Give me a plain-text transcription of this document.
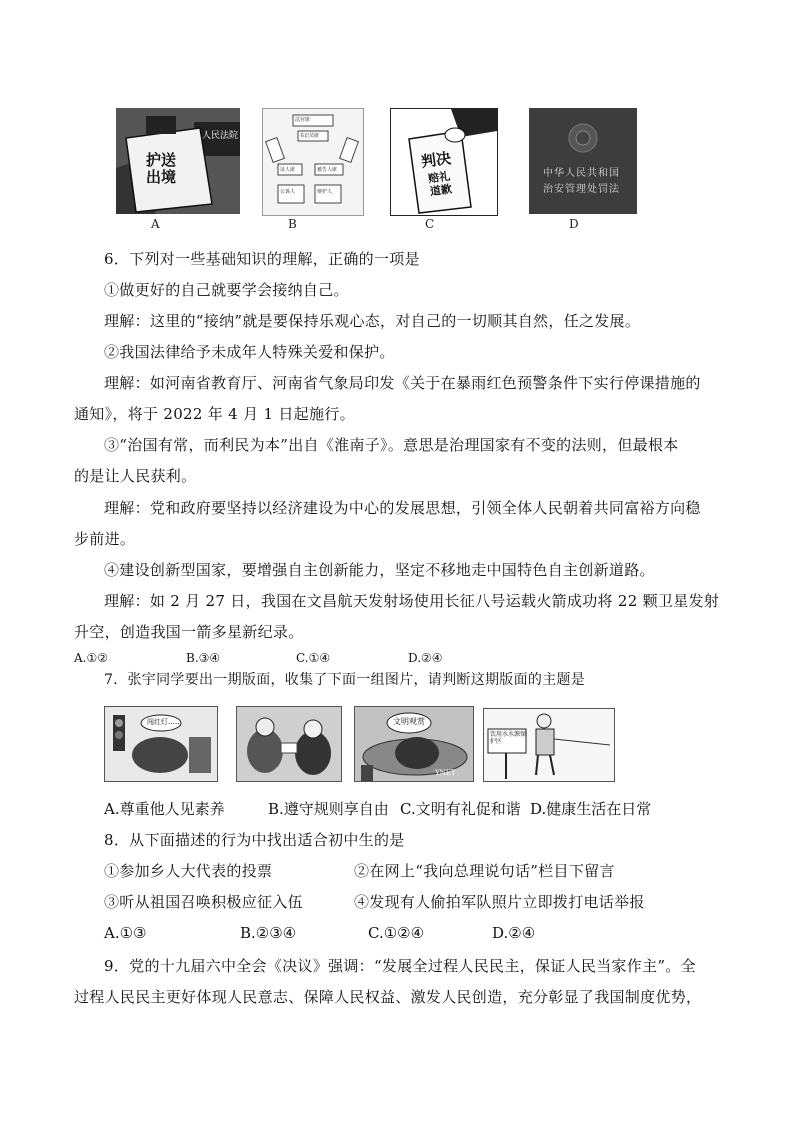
人民法院
护送出境
A
法官席
书记员席
证人席	被告人席
公诉人	辩护人
B
判决
赔礼道歉
C
中华人民共和国
治安管理处罚法
D
6．下列对一些基础知识的理解，正确的一项是
①做更好的自己就要学会接纳自己。
理解：这里的“接纳”就是要保持乐观心态，对自己的一切顺其自然，任之发展。
②我国法律给予未成年人特殊关爱和保护。
理解：如河南省教育厅、河南省气象局印发《关于在暴雨红色预警条件下实行停课措施的
通知》，将于 2022 年 4 月 1 日起施行。
③“治国有常，而利民为本”出自《淮南子》。意思是治理国家有不变的法则，但最根本
的是让人民获利。
理解：党和政府要坚持以经济建设为中心的发展思想，引领全体人民朝着共同富裕方向稳
步前进。
④建设创新型国家，要增强自主创新能力，坚定不移地走中国特色自主创新道路。
理解：如 2 月 27 日，我国在文昌航天发射场使用长征八号运载火箭成功将 22 颗卫星发射
升空，创造我国一箭多星新纪录。
A.①②	B.③④	C.①④	D.②④
7．张宇同学要出一期版面，收集了下面一组图片，请判断这期版面的主题是
闯红灯……	文明观赏
YNET
饮用水水源保护区
A.尊重他人见素养	B.遵守规则享自由 C.文明有礼促和谐 D.健康生活在日常
8．从下面描述的行为中找出适合初中生的是
①参加乡人大代表的投票	②在网上“我向总理说句话”栏目下留言
③听从祖国召唤积极应征入伍	④发现有人偷拍军队照片立即拨打电话举报
A.①③	B.②③④	C.①②④	D.②④
9．党的十九届六中全会《决议》强调：“发展全过程人民民主，保证人民当家作主”。全
过程人民民主更好体现人民意志、保障人民权益、激发人民创造，充分彰显了我国制度优势，
